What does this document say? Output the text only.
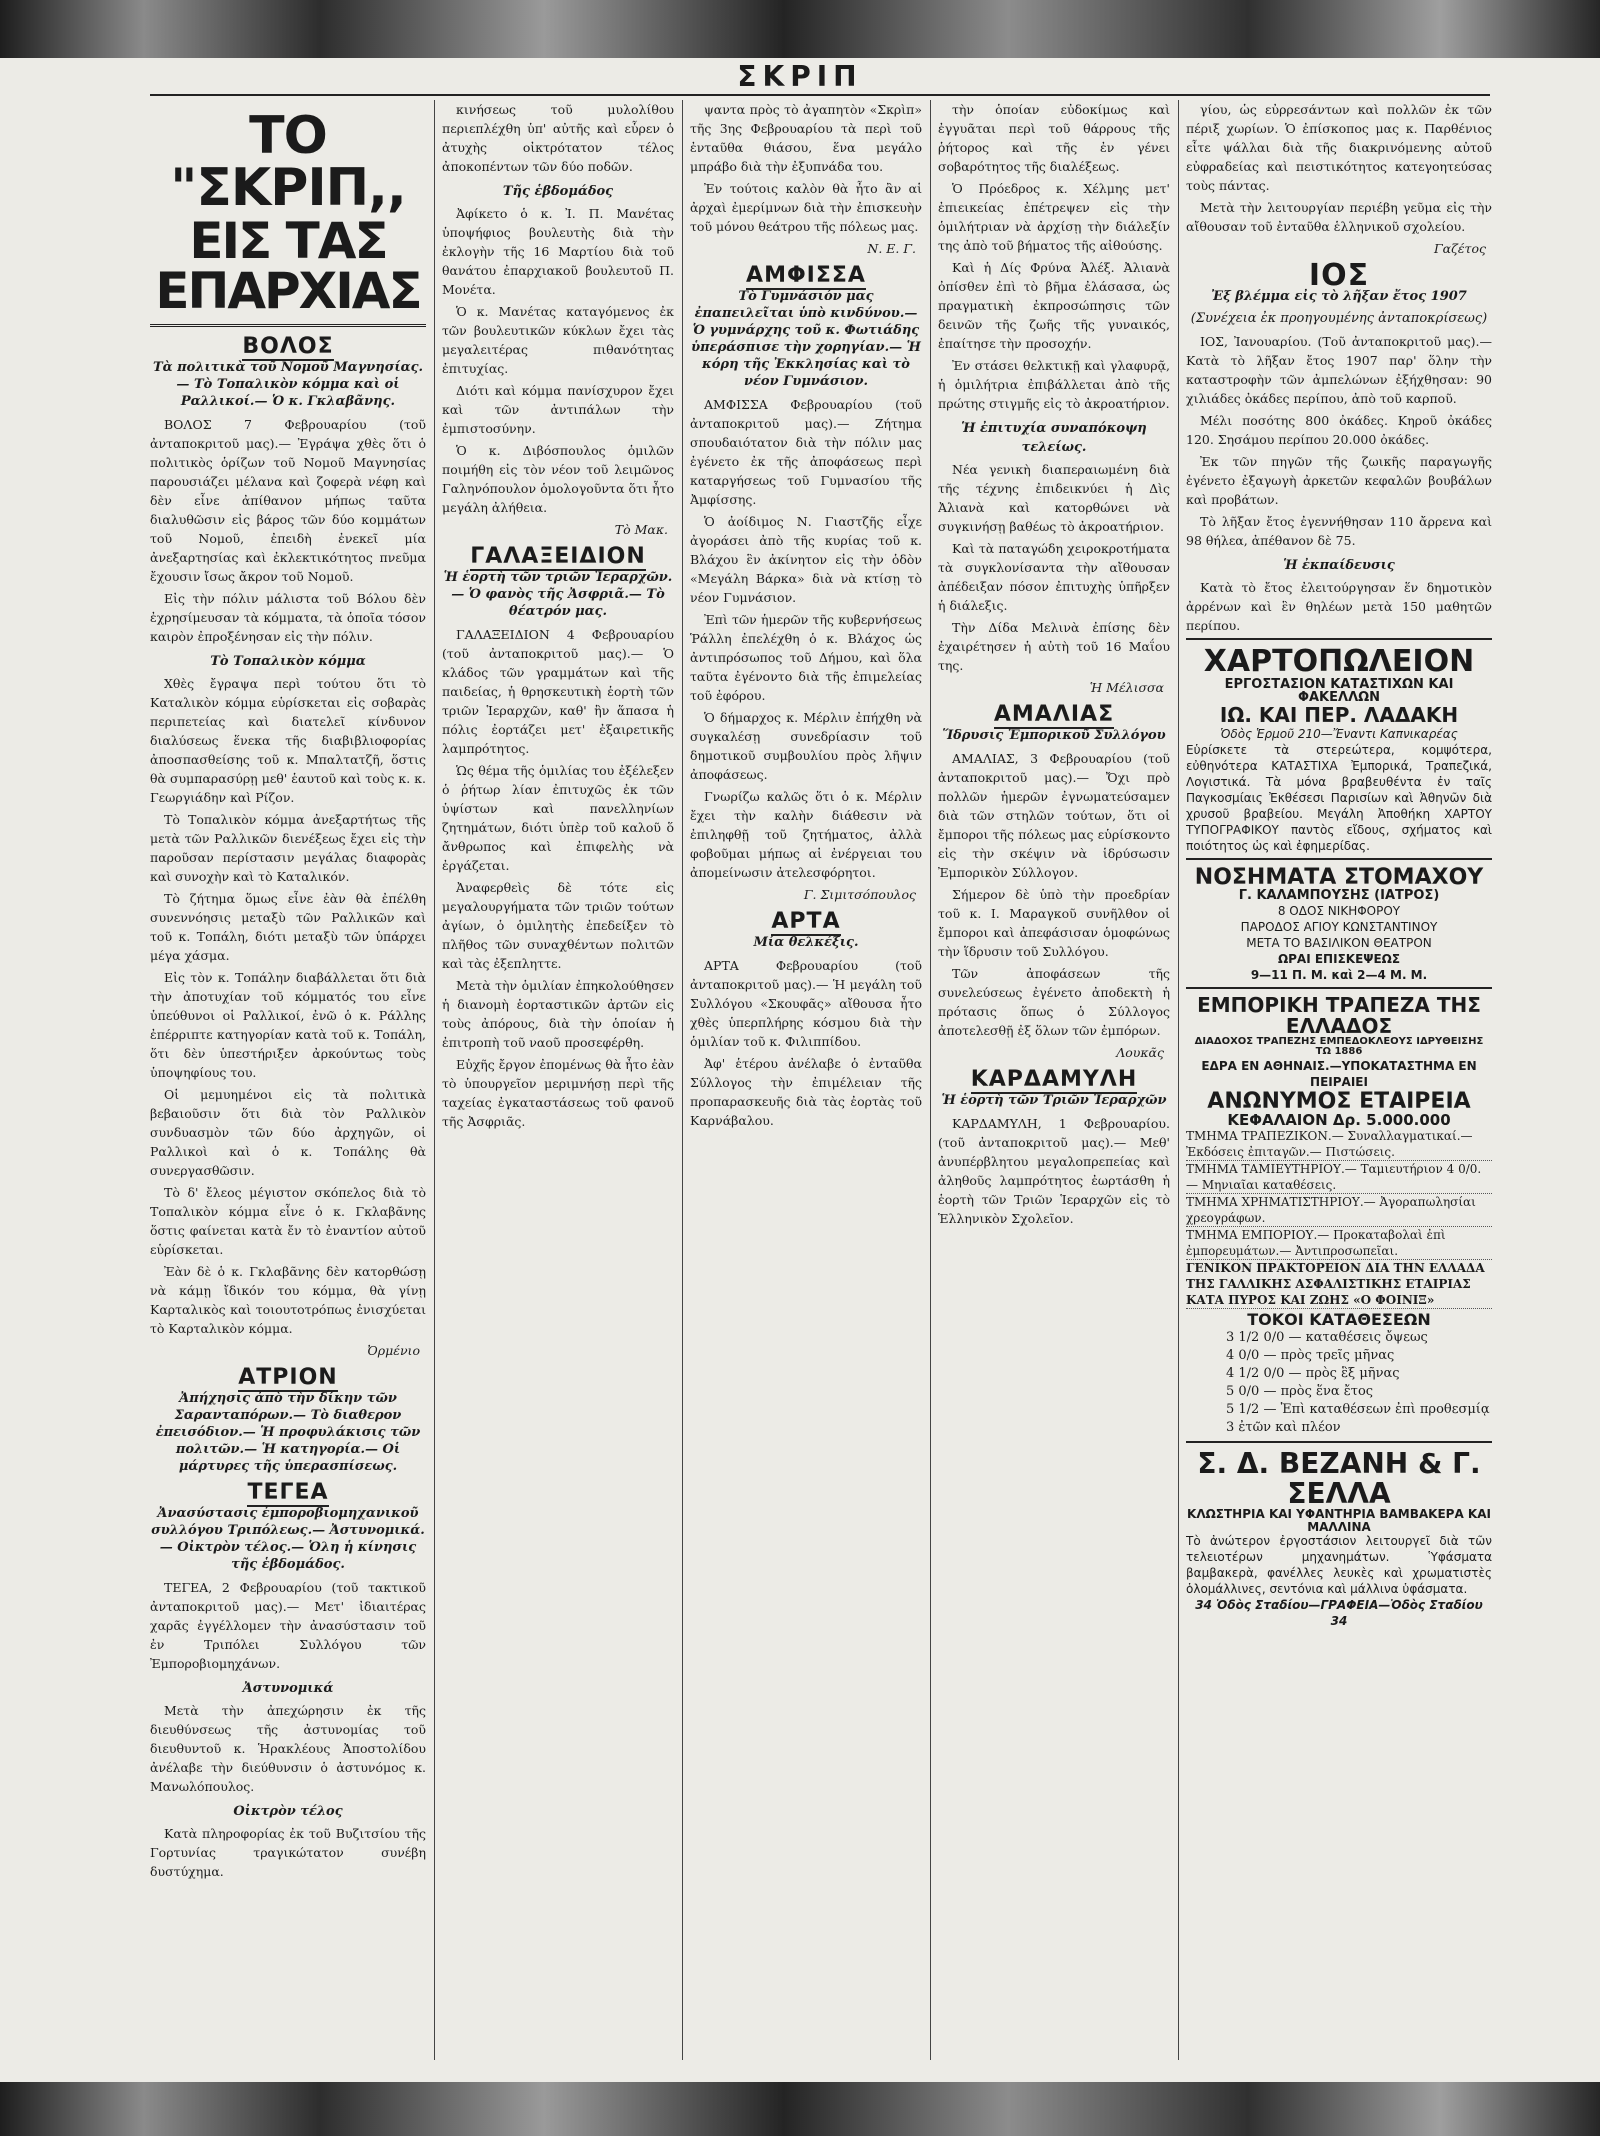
ΣΚΡΙΠ
ΤΟ "ΣΚΡΙΠ,,
ΕΙΣ ΤΑΣ ΕΠΑΡΧΙΑΣ
ΒΟΛΟΣ
Τὰ πολιτικὰ τοῦ Νομοῦ Μαγνησίας.— Τὸ Τοπαλικὸν κόμμα καὶ οἱ Ραλλικοί.— Ὁ κ. Γκλαβᾶνης.

ΒΟΛΟΣ 7 Φεβρουαρίου (τοῦ ἀνταποκριτοῦ μας).— Ἐγράψα χθὲς ὅτι ὁ πολιτικὸς ὁρίζων τοῦ Νομοῦ Μαγνησίας παρουσιάζει μέλανα καὶ ζοφερὰ νέφη καὶ δὲν εἶνε ἀπίθανον μήπως ταῦτα διαλυθῶσιν εἰς βάρος τῶν δύο κομμάτων τοῦ Νομοῦ, ἐπειδὴ ἐνεκεῖ μία ἀνεξαρτησίας καὶ ἐκλεκτικότητος πνεῦμα ἔχουσιν ἴσως ἄκρον τοῦ Νομοῦ.

Εἰς τὴν πόλιν μάλιστα τοῦ Βόλου δὲν ἐχρησίμευσαν τὰ κόμματα, τὰ ὁποῖα τόσον καιρὸν ἐπροξένησαν εἰς τὴν πόλιν.

Τὸ Τοπαλικὸν κόμμα

Χθὲς ἔγραψα περὶ τούτου ὅτι τὸ Καταλικὸν κόμμα εὑρίσκεται εἰς σοβαρὰς περιπετείας καὶ διατελεῖ κίνδυνον διαλύσεως ἕνεκα τῆς διαβιβλιοφορίας ἀποσπασθείσης τοῦ κ. Μπαλτατζῆ, ὅστις θὰ συμπαρασύρῃ μεθ' ἑαυτοῦ καὶ τοὺς κ. κ. Γεωργιάδην καὶ Ρίζον.

Τὸ Τοπαλικὸν κόμμα ἀνεξαρτήτως τῆς μετὰ τῶν Ραλλικῶν διενέξεως ἔχει εἰς τὴν παροῦσαν περίστασιν μεγάλας διαφορὰς καὶ συνοχὴν καὶ τὸ Καταλικόν.

Τὸ ζήτημα ὅμως εἶνε ἐὰν θὰ ἐπέλθη συνεννόησις μεταξὺ τῶν Ραλλικῶν καὶ τοῦ κ. Τοπάλη, διότι μεταξὺ τῶν ὑπάρχει μέγα χάσμα.

Εἰς τὸν κ. Τοπάλην διαβάλλεται ὅτι διὰ τὴν ἀποτυχίαν τοῦ κόμματός του εἶνε ὑπεύθυνοι οἱ Ραλλικοί, ἐνῶ ὁ κ. Ράλλης ἐπέρριπτε κατηγορίαν κατὰ τοῦ κ. Τοπάλη, ὅτι δὲν ὑπεστήριξεν ἀρκούντως τοὺς ὑποψηφίους του.

Οἱ μεμυημένοι εἰς τὰ πολιτικὰ βεβαιοῦσιν ὅτι διὰ τὸν Ραλλικὸν συνδυασμὸν τῶν δύο ἀρχηγῶν, οἱ Ραλλικοὶ καὶ ὁ κ. Τοπάλης θὰ συνεργασθῶσιν.

Τὸ δ' ἔλεος μέγιστον σκόπελος διὰ τὸ Τοπαλικὸν κόμμα εἶνε ὁ κ. Γκλαβᾶνης ὅστις φαίνεται κατὰ ἔν τὸ ἐναντίον αὐτοῦ εὑρίσκεται.

Ἐὰν δὲ ὁ κ. Γκλαβᾶνης δὲν κατορθώσῃ νὰ κάμῃ ἴδικόν του κόμμα, θὰ γίνῃ Καρταλικὸς καὶ τοιουτοτρόπως ἐνισχύεται τὸ Καρταλικὸν κόμμα.

Ὀρμένιο
ΑΤΡΙΟΝ
Ἀπήχησις ἀπὸ τὴν δίκην τῶν Σαρανταπόρων.— Τὸ διαθερον ἐπεισόδιον.— Ἡ προφυλάκισις τῶν πολιτῶν.— Ἡ κατηγορία.— Οἱ μάρτυρες τῆς ὑπερασπίσεως.
ΤΕΓΕΑ
Ἀνασύστασις ἐμποροβιομηχανικοῦ συλλόγου Τριπόλεως.— Ἀστυνομικά.— Οἰκτρὸν τέλος.— Ὁλη ἡ κίνησις τῆς ἑβδομάδος.

ΤΕΓΕΑ, 2 Φεβρουαρίου (τοῦ τακτικοῦ ἀνταποκριτοῦ μας).— Μετ' ἰδιαιτέρας χαρᾶς ἐγγέλλομεν τὴν ἀνασύστασιν τοῦ ἐν Τριπόλει Συλλόγου τῶν Ἐμποροβιομηχάνων.

Ἀστυνομικά

Μετὰ τὴν ἀπεχώρησιν ἐκ τῆς διευθύνσεως τῆς ἀστυνομίας τοῦ διευθυντοῦ κ. Ἡρακλέους Ἀποστολίδου ἀνέλαβε τὴν διεύθυνσιν ὁ ἀστυνόμος κ. Μανωλόπουλος.

Οἰκτρὸν τέλος

Κατὰ πληροφορίας ἐκ τοῦ Βυζιτσίου τῆς Γορτυνίας τραγικώτατον συνέβη δυστύχημα.

κινήσεως τοῦ μυλολίθου περιεπλέχθη ὑπ' αὐτῆς καὶ εὗρεν ὁ ἀτυχὴς οἰκτρότατον τέλος ἀποκοπέντων τῶν δύο ποδῶν.

Τῆς ἑβδομάδος

Ἀφίκετο ὁ κ. Ἰ. Π. Μανέτας ὑποψήφιος βουλευτὴς διὰ τὴν ἐκλογὴν τῆς 16 Μαρτίου διὰ τοῦ θανάτου ἐπαρχιακοῦ βουλευτοῦ Π. Μονέτα.

Ὁ κ. Μανέτας καταγόμενος ἐκ τῶν βουλευτικῶν κύκλων ἔχει τὰς μεγαλειτέρας πιθανότητας ἐπιτυχίας.

Διότι καὶ κόμμα πανίσχυρον ἔχει καὶ τῶν ἀντιπάλων τὴν ἐμπιστοσύνην.

Ὁ κ. Διβόσπουλος ὁμιλῶν ποιμήθη εἰς τὸν νέον τοῦ λειμῶνος Γαληνόπουλον ὁμολογοῦντα ὅτι ἦτο μεγάλη ἀλήθεια.

Τὸ Μακ.
ΓΑΛΑΞΕΙΔΙΟΝ
Ἡ ἑορτὴ τῶν τριῶν Ἱεραρχῶν.— Ὁ φανὸς τῆς Ἀσφριᾶ.— Τὸ θέατρόν μας.

ΓΑΛΑΞΕΙΔΙΟΝ 4 Φεβρουαρίου (τοῦ ἀνταποκριτοῦ μας).— Ὁ κλάδος τῶν γραμμάτων καὶ τῆς παιδείας, ἡ θρησκευτικὴ ἑορτὴ τῶν τριῶν Ἱεραρχῶν, καθ' ἣν ἅπασα ἡ πόλις ἐορτάζει μετ' ἐξαιρετικῆς λαμπρότητος.

Ὡς θέμα τῆς ὁμιλίας του ἐξέλεξεν ὁ ῥήτωρ λίαν ἐπιτυχῶς ἐκ τῶν ὑψίστων καὶ πανελληνίων ζητημάτων, διότι ὑπὲρ τοῦ καλοῦ ὅ ἄνθρωπος καὶ ἐπιφελὴς νὰ ἐργάζεται.

Ἀναφερθεὶς δὲ τότε εἰς μεγαλουργήματα τῶν τριῶν τούτων ἀγίων, ὁ ὁμιλητὴς ἐπεδείξεν τὸ πλῆθος τῶν συναχθέντων πολιτῶν καὶ τὰς ἐξεπληττε.

Μετὰ τὴν ὁμιλίαν ἐπηκολούθησεν ἡ διανομὴ ἑορταστικῶν ἀρτῶν εἰς τοὺς ἀπόρους, διὰ τὴν ὁποίαν ἡ ἐπιτροπὴ τοῦ ναοῦ προσεφέρθη.

Εὐχῆς ἔργον ἐπομένως θὰ ἦτο ἐὰν τὸ ὑπουργεῖον μεριμνήσῃ περὶ τῆς ταχείας ἐγκαταστάσεως τοῦ φανοῦ τῆς Ἀσφριᾶς.

ψαντα πρὸς τὸ ἀγαπητὸν «Σκρὶπ» τῆς 3ης Φεβρουαρίου τὰ περὶ τοῦ ἐνταῦθα θιάσου, ἕνα μεγάλο μπράβο διὰ τὴν ἐξυπνάδα του.

Ἐν τούτοις καλὸν θὰ ἦτο ἂν αἱ ἀρχαὶ ἐμερίμνων διὰ τὴν ἐπισκευὴν τοῦ μόνου θεάτρου τῆς πόλεως μας.

Ν. Ε. Γ.
ΑΜΦΙΣΣΑ
Τὸ Γυμνάσιόν μας ἐπαπειλεῖται ὑπὸ κινδύνου.— Ὁ γυμνάρχης τοῦ κ. Φωτιάδης ὑπεράσπισε τὴν χορηγίαν.— Ἡ κόρη τῆς Ἐκκλησίας καὶ τὸ νέον Γυμνάσιον.

ΑΜΦΙΣΣΑ Φεβρουαρίου (τοῦ ἀνταποκριτοῦ μας).— Ζήτημα σπουδαιότατον διὰ τὴν πόλιν μας ἐγένετο ἐκ τῆς ἀποφάσεως περὶ καταργήσεως τοῦ Γυμνασίου τῆς Ἀμφίσσης.

Ὁ ἀοίδιμος Ν. Γιαστζῆς εἶχε ἀγοράσει ἀπὸ τῆς κυρίας τοῦ κ. Βλάχου ἓν ἀκίνητον εἰς τὴν ὁδὸν «Μεγάλη Βάρκα» διὰ νὰ κτίσῃ τὸ νέον Γυμνάσιον.

Ἐπὶ τῶν ἡμερῶν τῆς κυβερνήσεως Ῥάλλη ἐπελέχθη ὁ κ. Βλάχος ὡς ἀντιπρόσωπος τοῦ Δήμου, καὶ ὅλα ταῦτα ἐγένοντο διὰ τῆς ἐπιμελείας τοῦ ἐφόρου.

Ὁ δήμαρχος κ. Μέρλιν ἐπήχθη νὰ συγκαλέσῃ συνεδρίασιν τοῦ δημοτικοῦ συμβουλίου πρὸς λῆψιν ἀποφάσεως.

Γνωρίζω καλῶς ὅτι ὁ κ. Μέρλιν ἔχει τὴν καλὴν διάθεσιν νὰ ἐπιληφθῇ τοῦ ζητήματος, ἀλλὰ φοβοῦμαι μήπως αἱ ἐνέργειαι του ἀπομείνωσιν ἀτελεσφόρητοι.

Γ. Σιμιτσόπουλος
ΑΡΤΑ
Μία θελκέξις.

ΑΡΤΑ Φεβρουαρίου (τοῦ ἀνταποκριτοῦ μας).— Ἡ μεγάλη τοῦ Συλλόγου «Σκουφᾶς» αἴθουσα ἦτο χθὲς ὑπερπλήρης κόσμου διὰ τὴν ὁμιλίαν τοῦ κ. Φιλιππίδου.

Ἀφ' ἑτέρου ἀνέλαβε ὁ ἐνταῦθα Σύλλογος τὴν ἐπιμέλειαν τῆς προπαρασκευῆς διὰ τὰς ἐορτὰς τοῦ Καρνάβαλου.

τὴν ὁποίαν εὐδοκίμως καὶ ἐγγυᾶται περὶ τοῦ θάρρους τῆς ῥήτορος καὶ τῆς ἐν γένει σοβαρότητος τῆς διαλέξεως.

Ὁ Πρόεδρος κ. Χέλμης μετ' ἐπιεικείας ἐπέτρεψεν εἰς τὴν ὁμιλήτριαν νὰ ἀρχίσῃ τὴν διάλεξίν της ἀπὸ τοῦ βήματος τῆς αἰθούσης.

Καὶ ἡ Δίς Φρύνα Ἀλέξ. Ἀλιανὰ ὀπίσθεν ἐπὶ τὸ βῆμα ἐλάσασα, ὡς πραγματικὴ ἐκπροσώπησις τῶν δεινῶν τῆς ζωῆς τῆς γυναικός, ἐπαίτησε τὴν προσοχήν.

Ἐν στάσει θελκτικῇ καὶ γλαφυρᾷ, ἡ ὁμιλήτρια ἐπιβάλλεται ἀπὸ τῆς πρώτης στιγμῆς εἰς τὸ ἀκροατήριον.

Ἡ ἐπιτυχία συναπόκοψη τελείως.

Νέα γενικὴ διαπεραιωμένη διὰ τῆς τέχνης ἐπιδεικνύει ἡ Δὶς Ἀλιανὰ καὶ κατορθώνει νὰ συγκινήσῃ βαθέως τὸ ἀκροατήριον.

Καὶ τὰ παταγώδη χειροκροτήματα τὰ συγκλονίσαντα τὴν αἴθουσαν ἀπέδειξαν πόσον ἐπιτυχὴς ὑπῆρξεν ἡ διάλεξις.

Τὴν Δίδα Μελινὰ ἐπίσης δὲν ἐχαιρέτησεν ἡ αὐτὴ τοῦ 16 Μαΐου της.

Ἡ Μέλισσα
ΑΜΑΛΙΑΣ
Ἵδρυσις Ἐμπορικοῦ Συλλόγου

ΑΜΑΛΙΑΣ, 3 Φεβρουαρίου (τοῦ ἀνταποκριτοῦ μας).— Ὄχι πρὸ πολλῶν ἡμερῶν ἐγνωματεύσαμεν διὰ τῶν στηλῶν τούτων, ὅτι οἱ ἔμποροι τῆς πόλεως μας εὑρίσκοντο εἰς τὴν σκέψιν νὰ ἱδρύσωσιν Ἐμπορικὸν Σύλλογον.

Σήμερον δὲ ὑπὸ τὴν προεδρίαν τοῦ κ. Ι. Μαραγκοῦ συνῆλθον οἱ ἔμποροι καὶ ἀπεφάσισαν ὁμοφώνως τὴν ἵδρυσιν τοῦ Συλλόγου.

Τῶν ἀποφάσεων τῆς συνελεύσεως ἐγένετο ἀποδεκτὴ ἡ πρότασις ὅπως ὁ Σύλλογος ἀποτελεσθῇ ἐξ ὅλων τῶν ἐμπόρων.

Λουκᾶς
ΚΑΡΔΑΜΥΛΗ
Ἡ ἑορτὴ τῶν Τριῶν Ἱεραρχῶν

ΚΑΡΔΑΜΥΛΗ, 1 Φεβρουαρίου. (τοῦ ἀνταποκριτοῦ μας).— Μεθ' ἀνυπέρβλητου μεγαλοπρεπείας καὶ ἀληθοῦς λαμπρότητος ἐωρτάσθη ἡ ἑορτὴ τῶν Τριῶν Ἱεραρχῶν εἰς τὸ Ἑλληνικὸν Σχολεῖον.

γίου, ὡς εὐρρεσάντων καὶ πολλῶν ἐκ τῶν πέριξ χωρίων. Ὁ ἐπίσκοπος μας κ. Παρθένιος εἶτε ψάλλαι διὰ τῆς διακρινόμενης αὐτοῦ εὐφραδείας καὶ πειστικότητος κατεγοητεύσας τοὺς πάντας.

Μετὰ τὴν λειτουργίαν περιέβη γεῦμα εἰς τὴν αἴθουσαν τοῦ ἐνταῦθα ἑλληνικοῦ σχολείου.

Γαζέτος
ΙΟΣ
Ἐξ βλέμμα εἰς τὸ λῆξαν ἔτος 1907
(Συνέχεια ἐκ προηγουμένης ἀνταποκρίσεως)

ΙΟΣ, Ἰανουαρίου. (Τοῦ ἀνταποκριτοῦ μας).— Κατὰ τὸ λῆξαν ἔτος 1907 παρ' ὅλην τὴν καταστροφὴν τῶν ἀμπελώνων ἐξήχθησαν: 90 χιλιάδες ὀκάδες περίπου, ἀπὸ τοῦ καρποῦ.

Μέλι ποσότης 800 ὀκάδες. Κηροῦ ὀκάδες 120. Σησάμου περίπου 20.000 ὀκάδες.

Ἐκ τῶν πηγῶν τῆς ζωικῆς παραγωγῆς ἐγένετο ἐξαγωγὴ ἀρκετῶν κεφαλῶν βουβάλων καὶ προβάτων.

Τὸ λῆξαν ἔτος ἐγεννήθησαν 110 ἄρρενα καὶ 98 θήλεα, ἀπέθανον δὲ 75.

Ἡ ἐκπαίδευσις

Κατὰ τὸ ἔτος ἐλειτούργησαν ἕν δημοτικὸν ἀρρένων καὶ ἓν θηλέων μετὰ 150 μαθητῶν περίπου.

ΧΑΡΤΟΠΩΛΕΙΟΝ
ΕΡΓΟΣΤΑΣΙΟΝ ΚΑΤΑΣΤΙΧΩΝ ΚΑΙ ΦΑΚΕΛΛΩΝ
ΙΩ. ΚΑΙ ΠΕΡ. ΛΑΔΑΚΗ
Ὁδὸς Ἑρμοῦ 210—Ἔναντι Καπνικαρέας
Εὑρίσκετε τὰ στερεώτερα, κομψότερα, εὐθηνότερα ΚΑΤΑΣΤΙΧΑ Ἐμπορικά, Τραπεζικά, Λογιστικά. Τὰ μόνα βραβευθέντα ἐν ταῖς Παγκοσμίαις Ἐκθέσεσι Παρισίων καὶ Ἀθηνῶν διὰ χρυσοῦ βραβείου. Μεγάλη Ἀποθήκη ΧΑΡΤΟΥ ΤΥΠΟΓΡΑΦΙΚΟΥ παντὸς εἴδους, σχήματος καὶ ποιότητος ὡς καὶ ἐφημερίδας.
ΝΟΣΗΜΑΤΑ ΣΤΟΜΑΧΟΥ
Γ. ΚΑΛΑΜΠΟΥΣΗΣ (ΙΑΤΡΟΣ)
8 ΟΔΟΣ ΝΙΚΗΦΟΡΟΥ
ΠΑΡΟΔΟΣ ΑΓΙΟΥ ΚΩΝΣΤΑΝΤΙΝΟΥ
ΜΕΤΑ ΤΟ ΒΑΣΙΛΙΚΟΝ ΘΕΑΤΡΟΝ
ΩΡΑΙ ΕΠΙΣΚΕΨΕΩΣ
9—11 Π. Μ. καὶ 2—4 Μ. Μ.
ΕΜΠΟΡΙΚΗ ΤΡΑΠΕΖΑ ΤΗΣ ΕΛΛΑΔΟΣ
ΔΙΑΔΟΧΟΣ ΤΡΑΠΕΖΗΣ ΕΜΠΕΔΟΚΛΕΟΥΣ ΙΔΡΥΘΕΙΣΗΣ ΤΩ 1886
ΕΔΡΑ ΕΝ ΑΘΗΝΑΙΣ.—ΥΠΟΚΑΤΑΣΤΗΜΑ ΕΝ ΠΕΙΡΑΙΕΙ
ΑΝΩΝΥΜΟΣ ΕΤΑΙΡΕΙΑ
ΚΕΦΑΛΑΙΟΝ Δρ. 5.000.000
ΤΜΗΜΑ ΤΡΑΠΕΖΙΚΟΝ.— Συναλλαγματικαί.— Ἐκδόσεις ἐπιταγῶν.— Πιστώσεις.
ΤΜΗΜΑ ΤΑΜΙΕΥΤΗΡΙΟΥ.— Ταμιευτήριον 4 0/0.— Μηνιαῖαι καταθέσεις.
ΤΜΗΜΑ ΧΡΗΜΑΤΙΣΤΗΡΙΟΥ.— Ἀγοραπωλησίαι χρεογράφων.
ΤΜΗΜΑ ΕΜΠΟΡΙΟΥ.— Προκαταβολαὶ ἐπὶ ἐμπορευμάτων.— Ἀντιπροσωπεῖαι.
ΓΕΝΙΚΟΝ ΠΡΑΚΤΟΡΕΙΟΝ ΔΙΑ ΤΗΝ ΕΛΛΑΔΑ ΤΗΣ ΓΑΛΛΙΚΗΣ ΑΣΦΑΛΙΣΤΙΚΗΣ ΕΤΑΙΡΙΑΣ ΚΑΤΑ ΠΥΡΟΣ ΚΑΙ ΖΩΗΣ «Ο ΦΟΙΝΙΞ»
ΤΟΚΟΙ ΚΑΤΑΘΕΣΕΩΝ
3 1/2 0/0 — καταθέσεις ὄψεως
4 0/0 — πρὸς τρεῖς μῆνας
4 1/2 0/0 — πρὸς ἓξ μῆνας
5 0/0 — πρὸς ἕνα ἔτος
5 1/2 — Ἐπὶ καταθέσεων ἐπὶ προθεσμίᾳ 3 ἐτῶν καὶ πλέον
Σ. Δ. ΒΕΖΑΝΗ & Γ. ΣΕΛΛΑ
ΚΛΩΣΤΗΡΙΑ ΚΑΙ ΥΦΑΝΤΗΡΙΑ ΒΑΜΒΑΚΕΡΑ ΚΑΙ ΜΑΛΛΙΝΑ
Τὸ ἀνώτερον ἐργοστάσιον λειτουργεῖ διὰ τῶν τελειοτέρων μηχανημάτων. Ὑφάσματα βαμβακερὰ, φανέλλες λευκὲς καὶ χρωματιστὲς ὁλομάλλινες, σεντόνια καὶ μάλλινα ὑφάσματα.
34 Ὁδὸς Σταδίου—ΓΡΑΦΕΙΑ—Ὁδὸς Σταδίου 34
